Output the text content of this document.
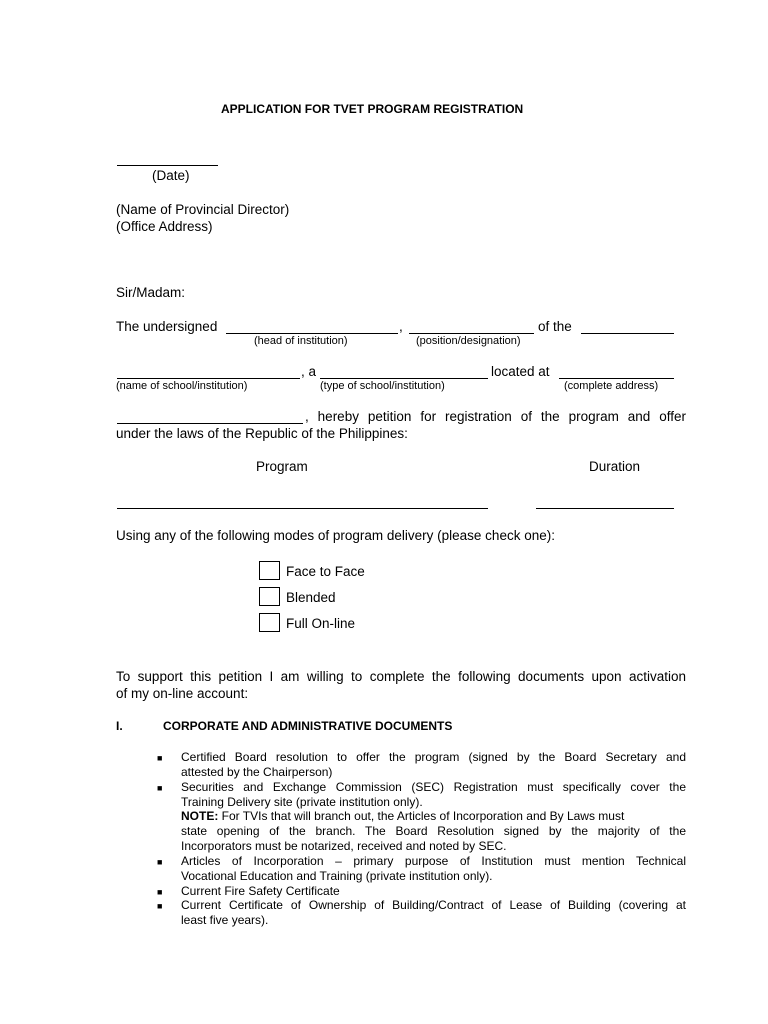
APPLICATION FOR TVET PROGRAM REGISTRATION
(Date)
(Name of Provincial Director)
(Office Address)
Sir/Madam:
The undersigned	,	of the
(head of institution)	(position/designation)
, a	located at
(name of school/institution)	(type of school/institution)	(complete address)
, hereby petition for registration of the program and offer
under the laws of the Republic of the Philippines:
Program	Duration
Using any of the following modes of program delivery (please check one):
Face to Face
Blended
Full On-line
To support this petition I am willing to complete the following documents upon activation
of my on-line account:
I.	CORPORATE AND ADMINISTRATIVE DOCUMENTS
■ Certified Board resolution to offer the program (signed by the Board Secretary and
attested by the Chairperson)
■ Securities and Exchange Commission (SEC) Registration must specifically cover the
Training Delivery site (private institution only).
NOTE: For TVIs that will branch out, the Articles of Incorporation and By Laws must
state opening of the branch. The Board Resolution signed by the majority of the
Incorporators must be notarized, received and noted by SEC.
■ Articles of Incorporation – primary purpose of Institution must mention Technical
Vocational Education and Training (private institution only).
■ Current Fire Safety Certificate
■ Current Certificate of Ownership of Building/Contract of Lease of Building (covering at
least five years).
